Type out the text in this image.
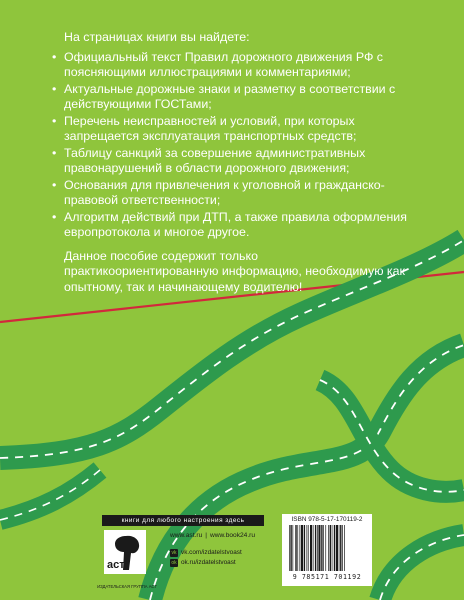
На страницах книги вы найдете:

• Официальный текст Правил дорожного движения РФ с поясняющими иллюстрациями и комментариями;
• Актуальные дорожные знаки и разметку в соответствии с действующими ГОСТами;
• Перечень неисправностей и условий, при которых запрещается эксплуатация транспортных средств;
• Таблицу санкций за совершение административных правонарушений в области дорожного движения;
• Основания для привлечения к уголовной и гражданско-правовой ответственности;
• Алгоритм действий при ДТП, а также правила оформления европротокола и многое другое.

Данное пособие содержит только практикоориентированную информацию, необходимую как опытному, так и начинающему водителю!

книги для любого настроения здесь
аст
ИЗДАТЕЛЬСКАЯ ГРУППА АСТ
www.ast.ru | www.book24.ru
vk vk.com/izdatelstvoast
ok ok.ru/izdatelstvoast
ISBN 978-5-17-170119-2
9 785171 701192
